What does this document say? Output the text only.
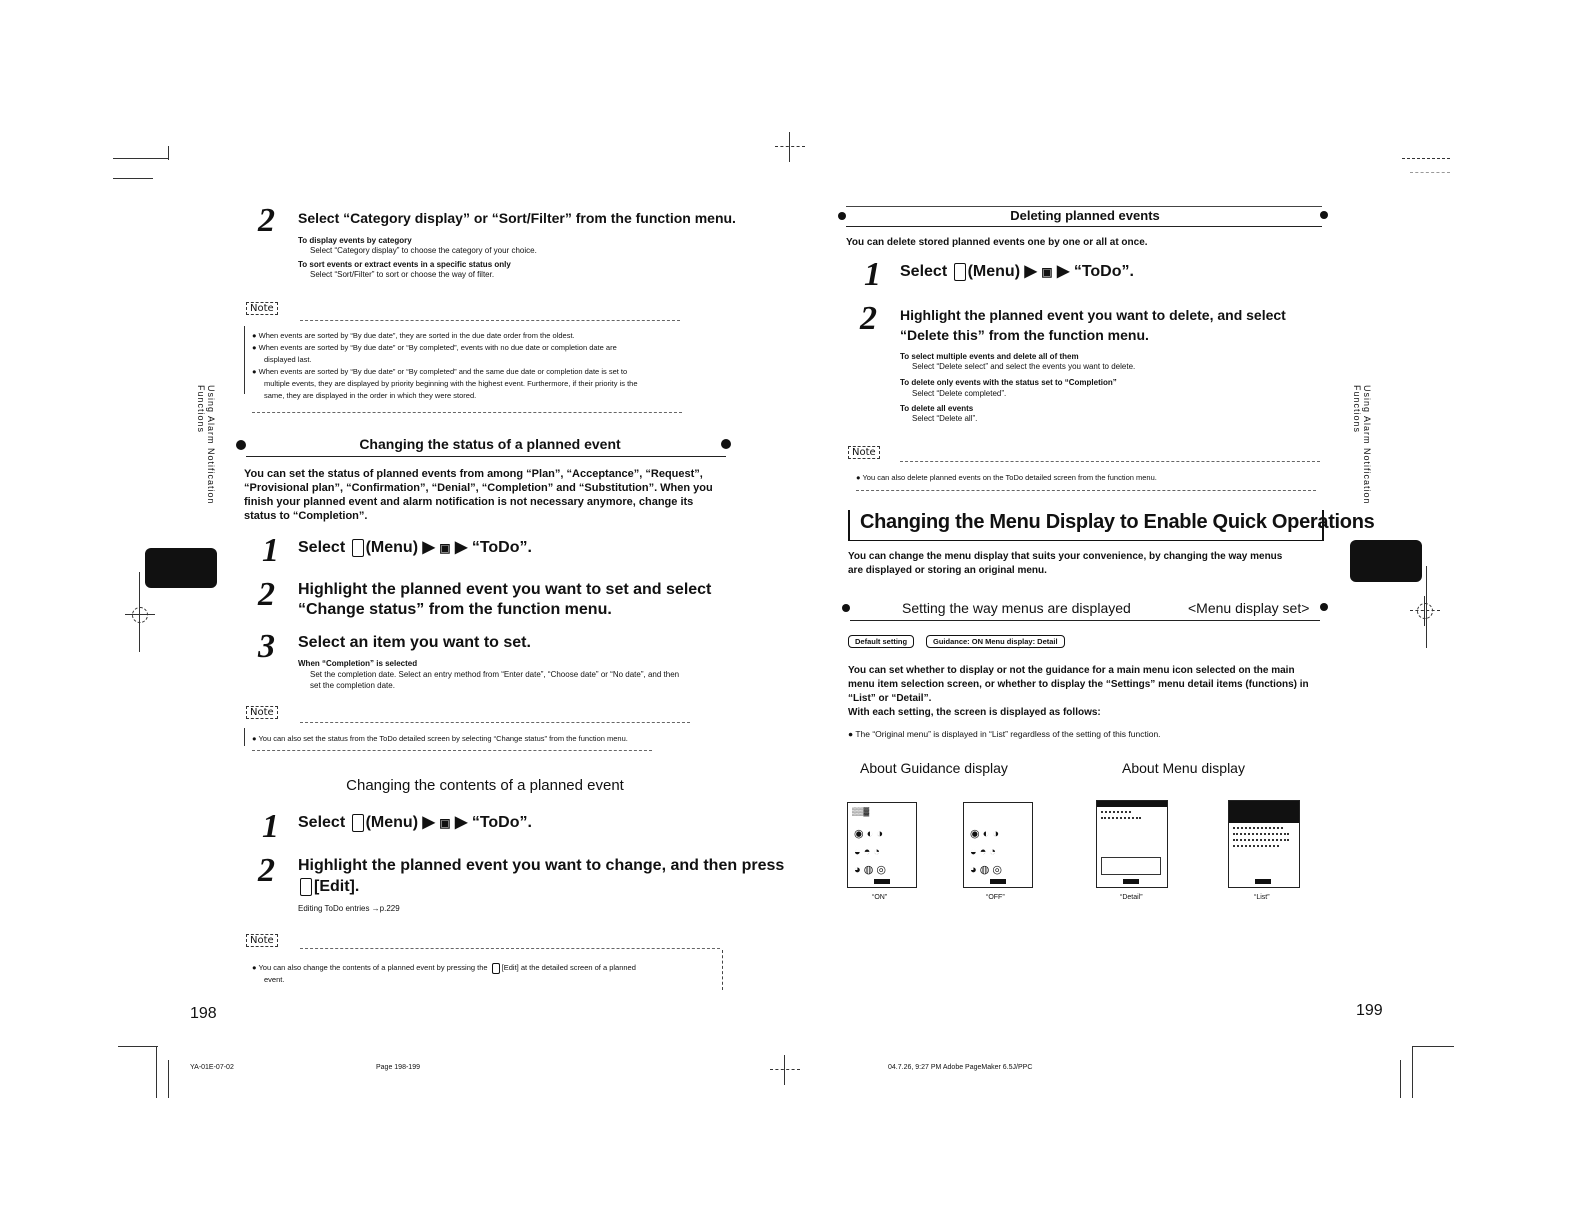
2 Select “Category display” or “Sort/Filter” from the function menu.
To display events by category
Select “Category display” to choose the category of your choice.
To sort events or extract events in a specific status only
Select “Sort/Filter” to sort or choose the way of filter.
Note
● When events are sorted by “By due date”, they are sorted in the due date order from the oldest.
● When events are sorted by “By due date” or “By completed”, events with no due date or completion date are
displayed last.
● When events are sorted by “By due date” or “By completed” and the same due date or completion date is set to
multiple events, they are displayed by priority beginning with the highest event. Furthermore, if their priority is the
same, they are displayed in the order in which they were stored.
Using Alarm Notification Functions
Changing the status of a planned event
You can set the status of planned events from among “Plan”, “Acceptance”, “Request”, “Provisional plan”, “Confirmation”, “Denial”, “Completion” and “Substitution”. When you finish your planned event and alarm notification is not necessary anymore, change its status to “Completion”.
1 Select (Menu) ▶ ▣ ▶ “ToDo”.
2 Highlight the planned event you want to set and select “Change status” from the function menu.
3 Select an item you want to set.
When “Completion” is selected
Set the completion date. Select an entry method from “Enter date”, “Choose date” or “No date”, and then
set the completion date.
Note
● You can also set the status from the ToDo detailed screen by selecting “Change status” from the function menu.
Changing the contents of a planned event
1 Select (Menu) ▶ ▣ ▶ “ToDo”.
2 Highlight the planned event you want to change, and then press
[Edit].
Editing ToDo entries →p.229
Note
● You can also change the contents of a planned event by pressing the [Edit] at the detailed screen of a planned
event.
198
YA-01E-07-02	Page 198-199
Deleting planned events
You can delete stored planned events one by one or all at once.
1 Select (Menu) ▶ ▣ ▶ “ToDo”.
2 Highlight the planned event you want to delete, and select “Delete this” from the function menu.
To select multiple events and delete all of them
Select “Delete select” and select the events you want to delete.
To delete only events with the status set to “Completion”
Select “Delete completed”.
To delete all events
Select “Delete all”.
Note
● You can also delete planned events on the ToDo detailed screen from the function menu.
Changing the Menu Display to Enable Quick Operations
You can change the menu display that suits your convenience, by changing the way menus are displayed or storing an original menu.
Setting the way menus are displayed	<Menu display set>
Default setting	Guidance: ON Menu display: Detail
You can set whether to display or not the guidance for a main menu icon selected on the main menu item selection screen, or whether to display the “Settings” menu detail items (functions) in “List” or “Detail”.
With each setting, the screen is displayed as follows:
● The “Original menu” is displayed in “List” regardless of the setting of this function.
About Guidance display	About Menu display
▒▒▓
◉ ◐ ◑
◒ ◓ ◔
◕ ◍ ◎
◉ ◐ ◑
◒ ◓ ◔
◕ ◍ ◎
“ON”	“OFF”	“Detail”	“List”
Using Alarm Notification Functions
199
04.7.26, 9:27 PM Adobe PageMaker 6.5J/PPC
